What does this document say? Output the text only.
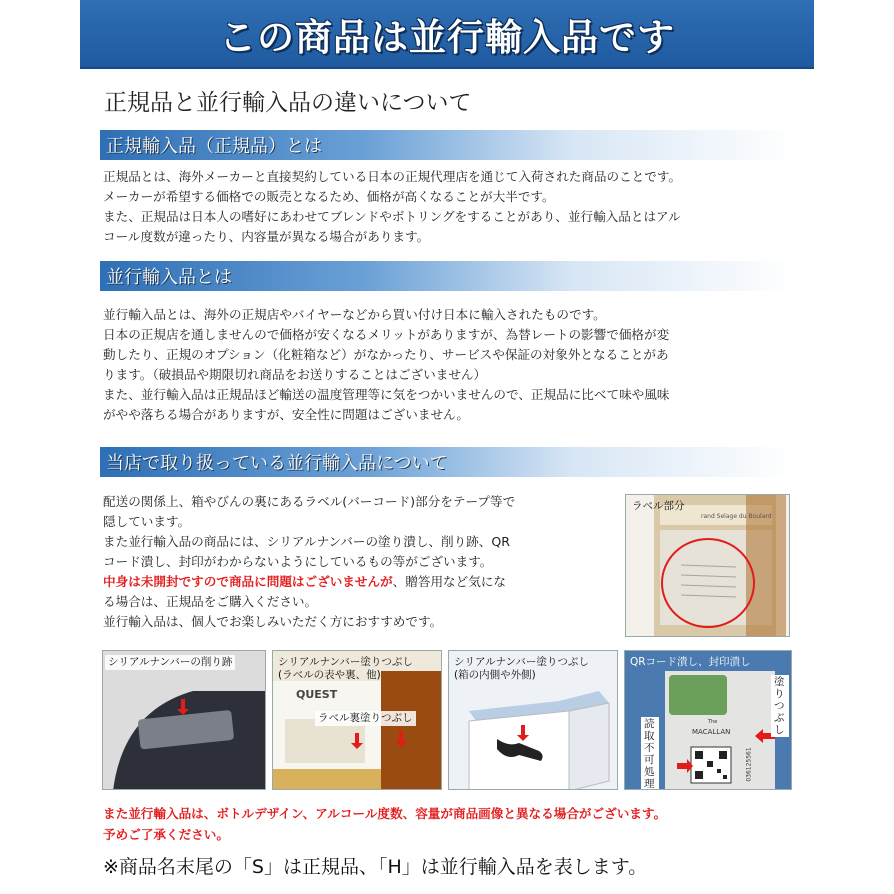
この商品は並行輸入品です
正規品と並行輸入品の違いについて
正規輸入品（正規品）とは
正規品とは、海外メーカーと直接契約している日本の正規代理店を通じて入荷された商品のことです。
メーカーが希望する価格での販売となるため、価格が高くなることが大半です。
また、正規品は日本人の嗜好にあわせてブレンドやボトリングをすることがあり、並行輸入品とはアル
コール度数が違ったり、内容量が異なる場合があります。
並行輸入品とは
並行輸入品とは、海外の正規店やバイヤーなどから買い付け日本に輸入されたものです。
日本の正規店を通しませんので価格が安くなるメリットがありますが、為替レートの影響で価格が変
動したり、正規のオプション（化粧箱など）がなかったり、サービスや保証の対象外となることがあ
ります。（破損品や期限切れ商品をお送りすることはございません）
また、並行輸入品は正規品ほど輸送の温度管理等に気をつかいませんので、正規品に比べて味や風味
がやや落ちる場合がありますが、安全性に問題はございません。
当店で取り扱っている並行輸入品について
配送の関係上、箱やびんの裏にあるラベル(バーコード)部分をテープ等で
隠しています。
また並行輸入品の商品には、シリアルナンバーの塗り潰し、削り跡、QR
コード潰し、封印がわからないようにしているもの等がございます。
中身は未開封ですので商品に問題はございませんが、贈答用など気にな
る場合は、正規品をご購入ください。
並行輸入品は、個人でお楽しみいただく方におすすめです。
ラベル部分
rand Selage du Boulard
シリアルナンバーの削り跡	シリアルナンバー塗りつぶし
(ラベルの表や裏、他)
QUEST
ラベル裏塗りつぶし
シリアルナンバー塗りつぶし
(箱の内側や外側)
QRコード潰し、封印潰し
塗りつぶし
読取不可処理
The
MACALLAN
036125561
また並行輸入品は、ボトルデザイン、アルコール度数、容量が商品画像と異なる場合がございます。
予めご了承ください。
※商品名末尾の「S」は正規品、「H」は並行輸入品を表します。
